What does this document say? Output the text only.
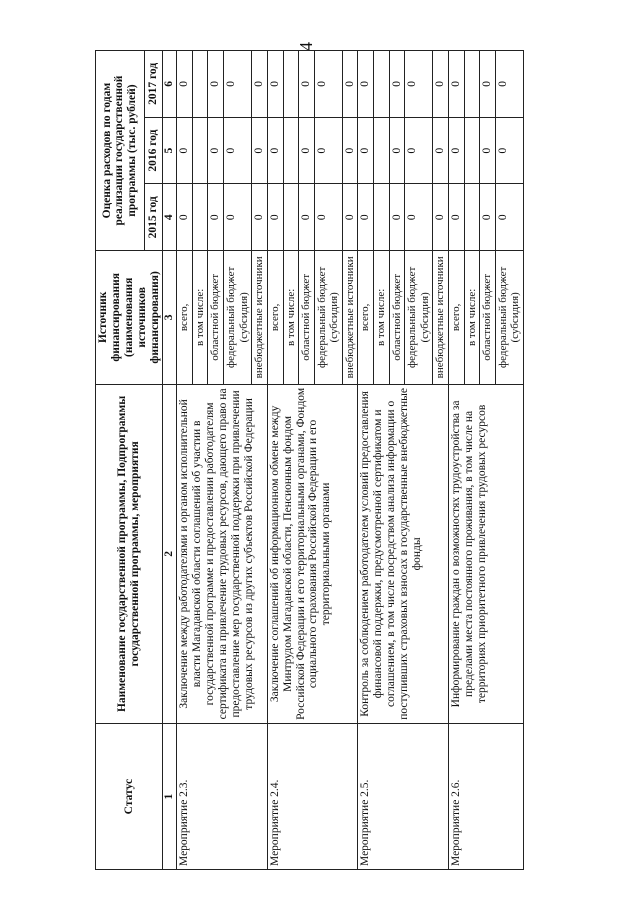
4
Статус	Наименование государственной программы, Подпрограммы государственной программы, мероприятия	Источник финансирования (наименования источников финансирования)	Оценка расходов по годам реализации государственной программы (тыс. рублей)		
			2015 год	2016 год	2017 год
1	2	3	4	5	6
Мероприятие 2.3.	Заключение между работодателями и органом исполнительной власти Магаданской области соглашений об участии в государственной программе и предоставлении работодателям сертификата на привлечение трудовых ресурсов, дающего право на предоставление мер государственной поддержки при привлечении трудовых ресурсов из других субъектов Российской Федерации	всего,	0	0	0
		в том числе:			
		областной бюджет	0	0	0
		федеральный бюджет (субсидия)	0	0	0
		внебюджетные источники	0	0	0
Мероприятие 2.4.	Заключение соглашений об информационном обмене между Минтрудом Магаданской области, Пенсионным фондом Российской Федерации и его территориальными органами, Фондом социального страхования Российской Федерации и его территориальными органами	всего,	0	0	0
		в том числе:			
		областной бюджет	0	0	0
		федеральный бюджет (субсидия)	0	0	0
		внебюджетные источники	0	0	0
Мероприятие 2.5.	Контроль за соблюдением работодателем условий предоставления финансовой поддержки, предусмотренной сертификатом и соглашением, в том числе посредством анализа информации о поступивших страховых взносах в государственные внебюджетные фонды	всего,	0	0	0
		в том числе:			
		областной бюджет	0	0	0
		федеральный бюджет (субсидия)	0	0	0
		внебюджетные источники	0	0	0
Мероприятие 2.6.	Информирование граждан о возможностях трудоустройства за пределами места постоянного проживания, в том числе на территориях приоритетного привлечения трудовых ресурсов	всего,	0	0	0
		в том числе:			
		областной бюджет	0	0	0
		федеральный бюджет (субсидия)	0	0	0
